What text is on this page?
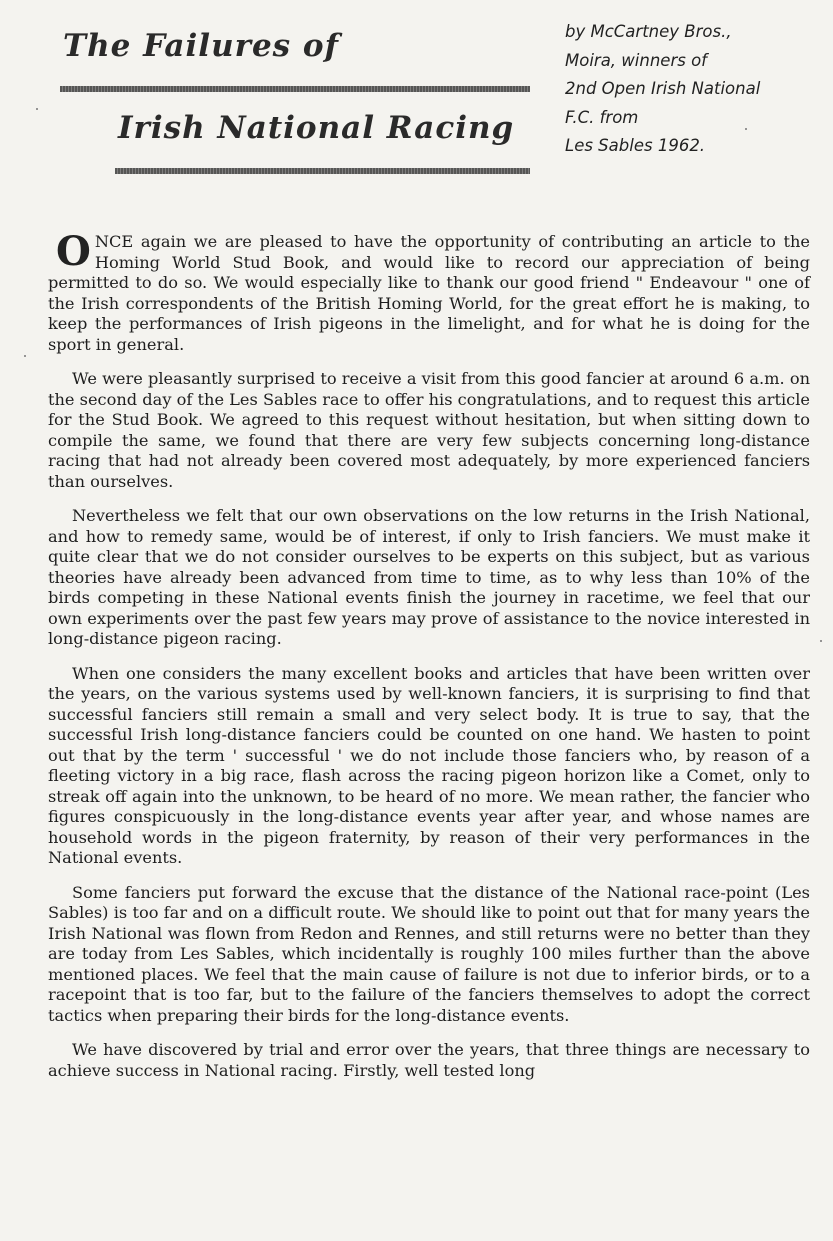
The Failures of
Irish National Racing
by McCartney Bros.,
Moira, winners of
2nd Open Irish National
F.C. from
Les Sables 1962.

ONCE again we are pleased to have the opportunity of contributing an article to the Homing World Stud Book, and would like to record our appreciation of being permitted to do so. We would especially like to thank our good friend " Endeavour " one of the Irish correspondents of the British Homing World, for the great effort he is making, to keep the performances of Irish pigeons in the limelight, and for what he is doing for the sport in general.

We were pleasantly surprised to receive a visit from this good fancier at around 6 a.m. on the second day of the Les Sables race to offer his congratulations, and to request this article for the Stud Book. We agreed to this request without hesitation, but when sitting down to compile the same, we found that there are very few subjects concerning long-distance racing that had not already been covered most adequately, by more experienced fanciers than ourselves.

Nevertheless we felt that our own observations on the low returns in the Irish National, and how to remedy same, would be of interest, if only to Irish fanciers. We must make it quite clear that we do not consider ourselves to be experts on this subject, but as various theories have already been advanced from time to time, as to why less than 10% of the birds competing in these National events finish the journey in racetime, we feel that our own experiments over the past few years may prove of assistance to the novice interested in long-distance pigeon racing.

When one considers the many excellent books and articles that have been written over the years, on the various systems used by well-known fanciers, it is surprising to find that successful fanciers still remain a small and very select body. It is true to say, that the successful Irish long-distance fanciers could be counted on one hand. We hasten to point out that by the term ' successful ' we do not include those fanciers who, by reason of a fleeting victory in a big race, flash across the racing pigeon horizon like a Comet, only to streak off again into the unknown, to be heard of no more. We mean rather, the fancier who figures conspicuously in the long-distance events year after year, and whose names are household words in the pigeon fraternity, by reason of their very performances in the National events.

Some fanciers put forward the excuse that the distance of the National race-point (Les Sables) is too far and on a difficult route. We should like to point out that for many years the Irish National was flown from Redon and Rennes, and still returns were no better than they are today from Les Sables, which incidentally is roughly 100 miles further than the above mentioned places. We feel that the main cause of failure is not due to inferior birds, or to a racepoint that is too far, but to the failure of the fanciers themselves to adopt the correct tactics when preparing their birds for the long-distance events.

We have discovered by trial and error over the years, that three things are necessary to achieve success in National racing. Firstly, well tested long
